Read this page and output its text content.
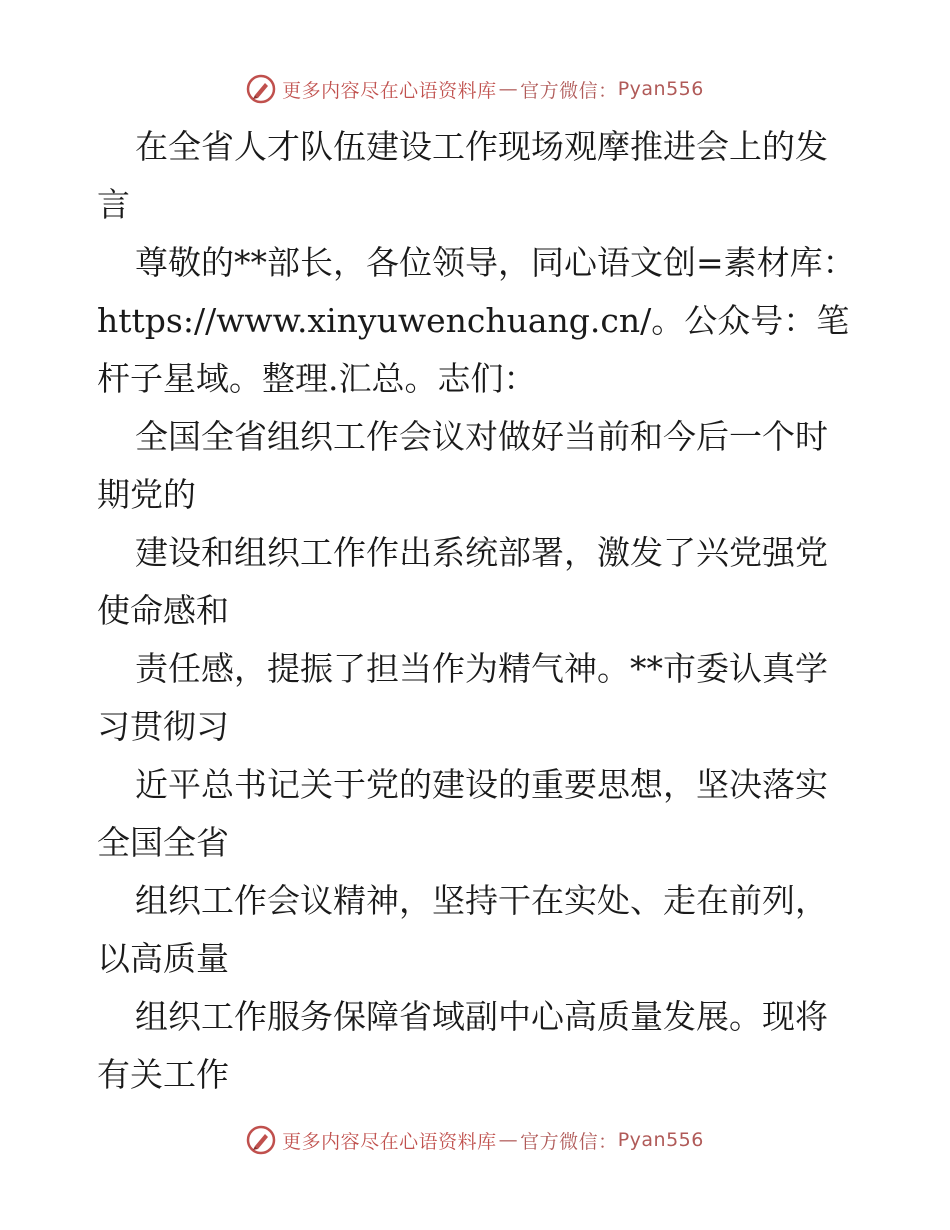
更多内容尽在心语资料库 — 官方微信： Pyan556

在全省人才队伍建设工作现场观摩推进会上的发言

尊敬的**部长，各位领导，同心语文创=素材库：https://www.xinyuwenchuang.cn/。公众号：笔杆子星域。整理.汇总。志们：

全国全省组织工作会议对做好当前和今后一个时期党的

建设和组织工作作出系统部署，激发了兴党强党使命感和

责任感，提振了担当作为精气神。**市委认真学习贯彻习

近平总书记关于党的建设的重要思想，坚决落实全国全省

组织工作会议精神，坚持干在实处、走在前列，以高质量

组织工作服务保障省域副中心高质量发展。现将有关工作

更多内容尽在心语资料库 — 官方微信： Pyan556
